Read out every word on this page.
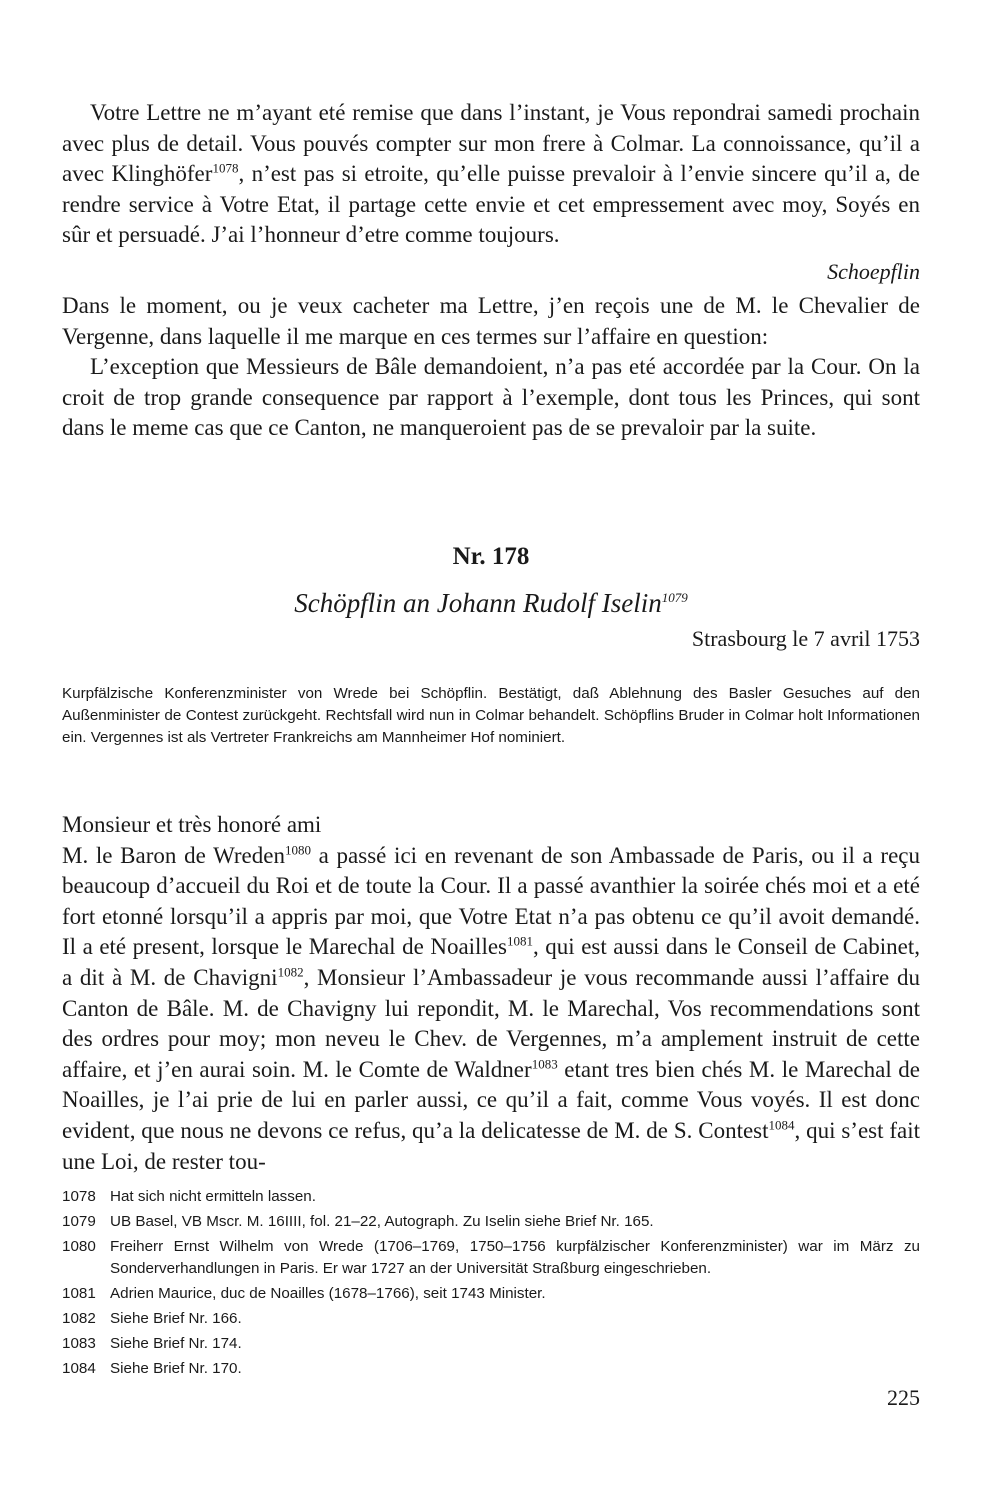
Votre Lettre ne m’ayant eté remise que dans l’instant, je Vous repondrai samedi prochain avec plus de detail. Vous pouvés compter sur mon frere à Colmar. La connoissance, qu’il a avec Klinghöfer$^{1078}$, n’est pas si etroite, qu’elle puisse prevaloir à l’envie sincere qu’il a, de rendre service à Votre Etat, il partage cette envie et cet empressement avec moy, Soyés en sûr et persuadé. J’ai l’honneur d’etre comme toujours.

Schoepflin

Dans le moment, ou je veux cacheter ma Lettre, j’en reçois une de M. le Chevalier de Vergenne, dans laquelle il me marque en ces termes sur l’affaire en question:

L’exception que Messieurs de Bâle demandoient, n’a pas eté accordée par la Cour. On la croit de trop grande consequence par rapport à l’exemple, dont tous les Princes, qui sont dans le meme cas que ce Canton, ne manqueroient pas de se prevaloir par la suite.

Nr. 178

Schöpflin an Johann Rudolf Iselin$^{1079}$

Strasbourg le 7 avril 1753

Kurpfälzische Konferenzminister von Wrede bei Schöpflin. Bestätigt, daß Ablehnung des Basler Gesuches auf den Außenminister de Contest zurückgeht. Rechtsfall wird nun in Colmar behandelt. Schöpflins Bruder in Colmar holt Informationen ein. Vergennes ist als Vertreter Frankreichs am Mannheimer Hof nominiert.

Monsieur et très honoré ami

M. le Baron de Wreden$^{1080}$ a passé ici en revenant de son Ambassade de Paris, ou il a reçu beaucoup d’accueil du Roi et de toute la Cour. Il a passé avanthier la soirée chés moi et a eté fort etonné lorsqu’il a appris par moi, que Votre Etat n’a pas obtenu ce qu’il avoit demandé. Il a eté present, lorsque le Marechal de Noailles$^{1081}$, qui est aussi dans le Conseil de Cabinet, a dit à M. de Chavigni$^{1082}$, Monsieur l’Ambassadeur je vous recommande aussi l’affaire du Canton de Bâle. M. de Chavigny lui repondit, M. le Marechal, Vos recommendations sont des ordres pour moy; mon neveu le Chev. de Vergennes, m’a amplement instruit de cette affaire, et j’en aurai soin. M. le Comte de Waldner$^{1083}$ etant tres bien chés M. le Marechal de Noailles, je l’ai prie de lui en parler aussi, ce qu’il a fait, comme Vous voyés. Il est donc evident, que nous ne devons ce refus, qu’a la delicatesse de M. de S. Contest$^{1084}$, qui s’est fait une Loi, de rester tou-

1078 Hat sich nicht ermitteln lassen.
1079 UB Basel, VB Mscr. M. 16IIII, fol. 21–22, Autograph. Zu Iselin siehe Brief Nr. 165.
1080 Freiherr Ernst Wilhelm von Wrede (1706–1769, 1750–1756 kurpfälzischer Konferenzminister) war im März zu Sonderverhandlungen in Paris. Er war 1727 an der Universität Straßburg eingeschrieben.
1081 Adrien Maurice, duc de Noailles (1678–1766), seit 1743 Minister.
1082 Siehe Brief Nr. 166.
1083 Siehe Brief Nr. 174.
1084 Siehe Brief Nr. 170.
225
